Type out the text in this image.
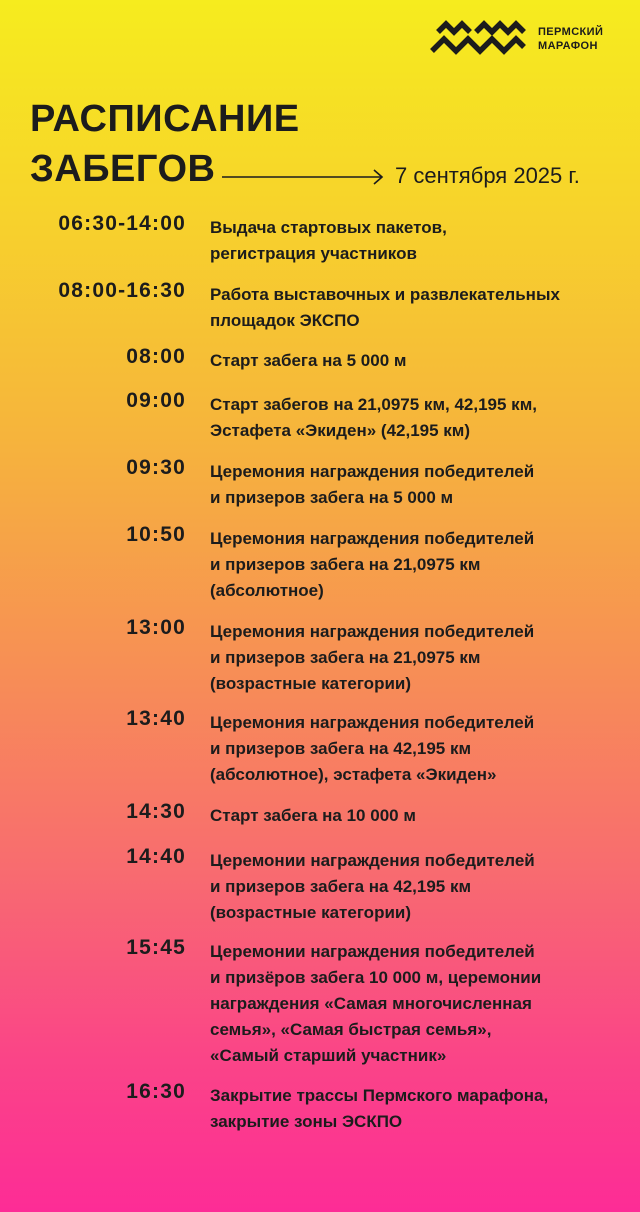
ПЕРМСКИЙ
МАРАФОН
РАСПИСАНИЕ
ЗАБЕГОВ	7 сентября 2025 г.
06:30-14:00 Выдача стартовых пакетов,
регистрация участников
08:00-16:30 Работа выставочных и развлекательных
площадок ЭКСПО
08:00 Старт забега на 5 000 м
09:00 Старт забегов на 21,0975 км, 42,195 км,
Эстафета «Экиден» (42,195 км)
09:30 Церемония награждения победителей
и призеров забега на 5 000 м
10:50 Церемония награждения победителей
и призеров забега на 21,0975 км
(абсолютное)
13:00 Церемония награждения победителей
и призеров забега на 21,0975 км
(возрастные категории)
13:40 Церемония награждения победителей
и призеров забега на 42,195 км
(абсолютное), эстафета «Экиден»
14:30 Старт забега на 10 000 м
14:40 Церемонии награждения победителей
и призеров забега на 42,195 км
(возрастные категории)
15:45 Церемонии награждения победителей
и призёров забега 10 000 м, церемонии
награждения «Самая многочисленная
семья», «Самая быстрая семья»,
«Самый старший участник»
16:30 Закрытие трассы Пермского марафона,
закрытие зоны ЭСКПО
